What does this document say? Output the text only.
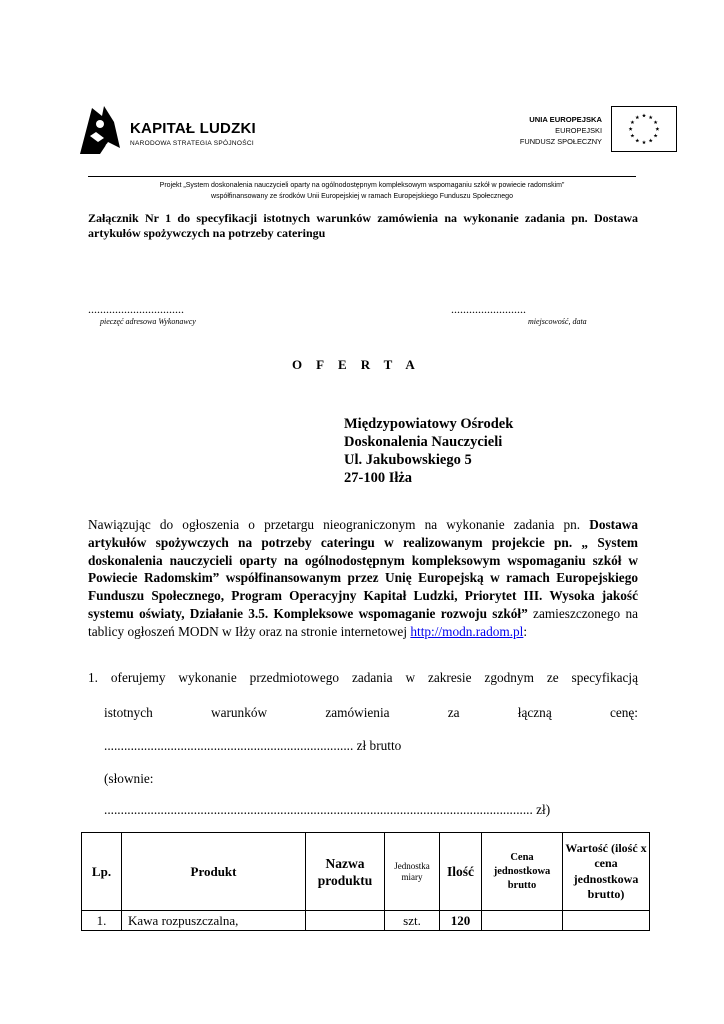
KAPITAŁ LUDZKI
NARODOWA STRATEGIA SPÓJNOŚCI
UNIA EUROPEJSKA
EUROPEJSKI
FUNDUSZ SPOŁECZNY
Projekt „System doskonalenia nauczycieli oparty na ogólnodostępnym kompleksowym wspomaganiu szkół w powiecie radomskim”
współfinansowany ze środków Unii Europejskiej w ramach Europejskiego Funduszu Społecznego
Załącznik Nr 1 do specyfikacji istotnych warunków zamówienia na wykonanie zadania pn. Dostawa artykułów spożywczych na potrzeby cateringu
................................
pieczęć adresowa Wykonawcy
.........................
miejscowość, data
OFERTA
Międzypowiatowy Ośrodek
Doskonalenia Nauczycieli
Ul. Jakubowskiego 5
27-100 Iłża
Nawiązując do ogłoszenia o przetargu nieograniczonym na wykonanie zadania pn. Dostawa artykułów spożywczych na potrzeby cateringu w realizowanym projekcie pn. „ System doskonalenia nauczycieli oparty na ogólnodostępnym kompleksowym wspomaganiu szkół w Powiecie Radomskim” współfinansowanym przez Unię Europejską w ramach Europejskiego Funduszu Społecznego, Program Operacyjny Kapitał Ludzki, Priorytet III. Wysoka jakość systemu oświaty, Działanie 3.5. Kompleksowe wspomaganie rozwoju szkół” zamieszczonego na tablicy ogłoszeń MODN w Iłży oraz na stronie internetowej http://modn.radom.pl:
1. oferujemy wykonanie przedmiotowego zadania w zakresie zgodnym ze specyfikacją
istotnych	warunków	zamówienia	za	łączną	cenę:
........................................................................... zł brutto
(słownie:
................................................................................................................................. zł)
Lp.	Produkt	Nazwa produktu	Jednostka miary	Ilość	Cena jednostkowa brutto	Wartość (ilość x cena jednostkowa brutto)
1.	Kawa rozpuszczalna,		szt.	120		
